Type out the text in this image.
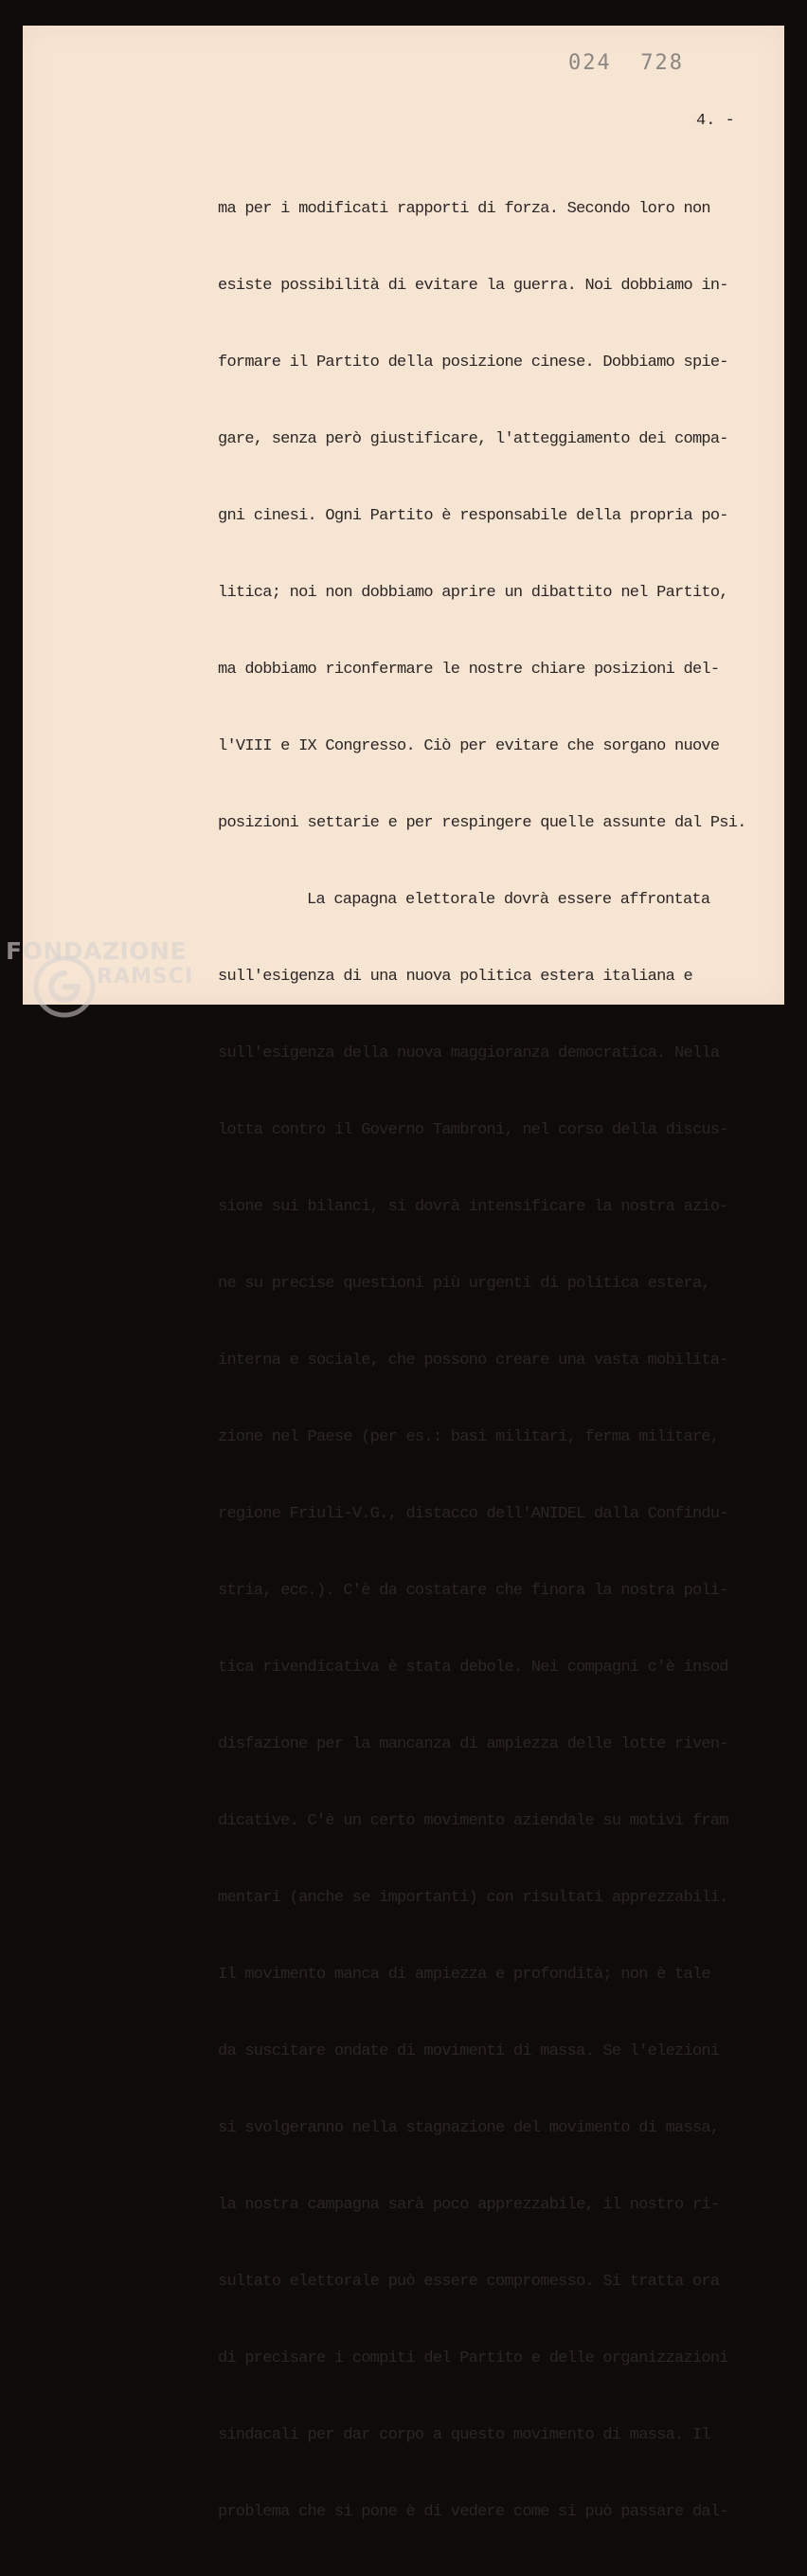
024  728
4. -

ma per i modificati rapporti di forza. Secondo loro non

esiste possibilità di evitare la guerra. Noi dobbiamo in-

formare il Partito della posizione cinese. Dobbiamo spie-

gare, senza però giustificare, l'atteggiamento dei compa-

gni cinesi. Ogni Partito è responsabile della propria po-

litica; noi non dobbiamo aprire un dibattito nel Partito,

ma dobbiamo riconfermare le nostre chiare posizioni del-

l'VIII e IX Congresso. Ciò per evitare che sorgano nuove

posizioni settarie e per respingere quelle assunte dal Psi.

La capagna elettorale dovrà essere affrontata

sull'esigenza di una nuova politica estera italiana e

sull'esigenza della nuova maggioranza democratica. Nella

lotta contro il Governo Tambroni, nel corso della discus-

sione sui bilanci, si dovrà intensificare la nostra azio-

ne su precise questioni più urgenti di politica estera,

interna e sociale, che possono creare una vasta mobilita-

zione nel Paese (per es.: basi militari, ferma militare,

regione Friuli-V.G., distacco dell'ANIDEL dalla Confindu-

stria, ecc.). C'è da costatare che finora la nostra poli-

tica rivendicativa è stata debole. Nei compagni c'è insod

disfazione per la mancanza di ampiezza delle lotte riven-

dicative. C'è un certo movimento aziendale su motivi fram

mentari (anche se importanti) con risultati apprezzabili.

Il movimento manca di ampiezza e profondità; non è tale

da suscitare ondate di movimenti di massa. Se l'elezioni

si svolgeranno nella stagnazione del movimento di massa,

la nostra campagna sarà poco apprezzabile, il nostro ri-

sultato elettorale può essere compromesso. Si tratta ora

di precisare i compiti del Partito e delle organizzazioni

sindacali per dar corpo a questo movimento di massa. Il

problema che si pone è di vedere come si può passare dal-

FONDAZIONE
RAMSCI
